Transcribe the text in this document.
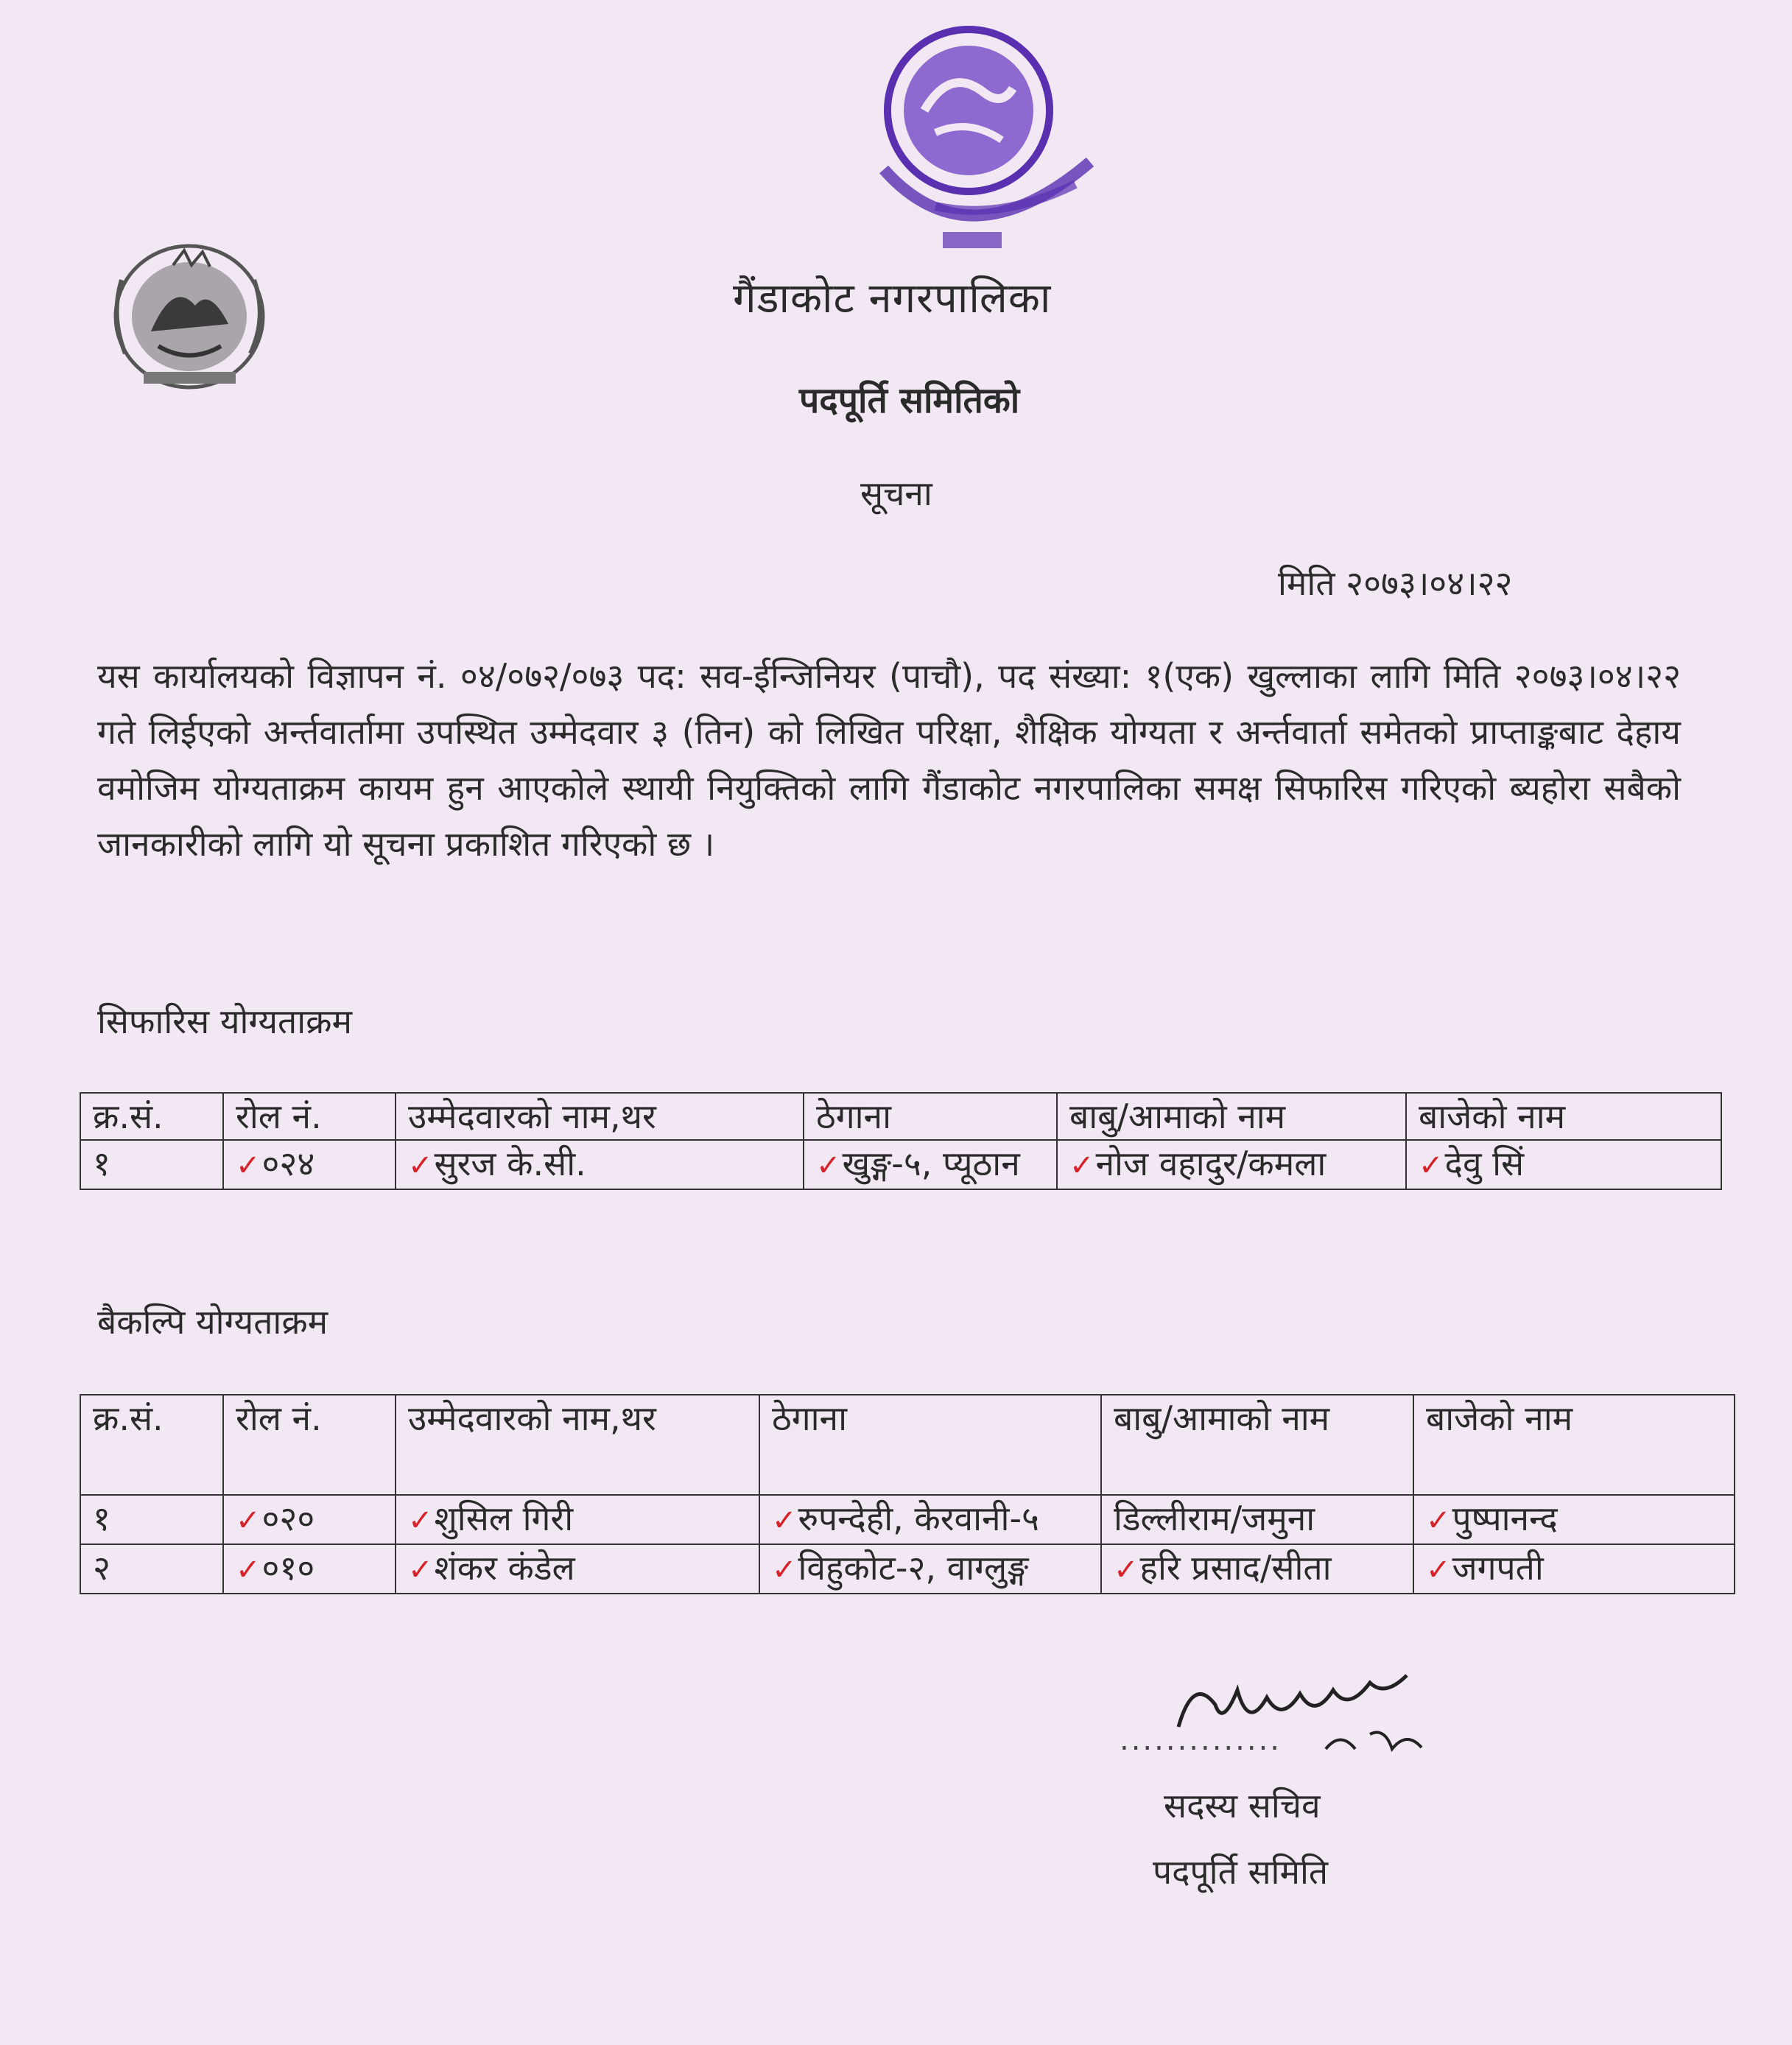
गैंडाकोट नगरपालिका
पदपूर्ति समितिको
सूचना
मिति २०७३।०४।२२
यस कार्यालयको विज्ञापन नं. ०४/०७२/०७३ पद: सव-ईन्जिनियर (पाचौ), पद संख्या: १(एक) खुल्लाका लागि मिति २०७३।०४।२२ गते लिईएको अर्न्तवार्तामा उपस्थित उम्मेदवार ३ (तिन) को लिखित परिक्षा, शैक्षिक योग्यता र अर्न्तवार्ता समेतको प्राप्ताङ्कबाट देहाय वमोजिम योग्यताक्रम कायम हुन आएकोले स्थायी नियुक्तिको लागि गैंडाकोट नगरपालिका समक्ष सिफारिस गरिएको ब्यहोरा सबैको जानकारीको लागि यो सूचना प्रकाशित गरिएको छ ।
सिफारिस योग्यताक्रम
क्र.सं.	रोल नं.	उम्मेदवारको नाम,थर	ठेगाना	बाबु/आमाको नाम	बाजेको नाम
१	✓०२४	✓सुरज के.सी.	✓खुङ्ग-५, प्यूठान	✓नोज वहादुर/कमला	✓देवु सिं
बैकल्पि योग्यताक्रम
क्र.सं.	रोल नं.	उम्मेदवारको नाम,थर	ठेगाना	बाबु/आमाको नाम	बाजेको नाम
१	✓०२०	✓शुसिल गिरी	✓रुपन्देही, केरवानी-५	डिल्लीराम/जमुना	✓पुष्पानन्द
२	✓०१०	✓शंकर कंडेल	✓विहुकोट-२, वाग्लुङ्ग	✓हरि प्रसाद/सीता	✓जगपती
..............
सदस्य सचिव
पदपूर्ति समिति
